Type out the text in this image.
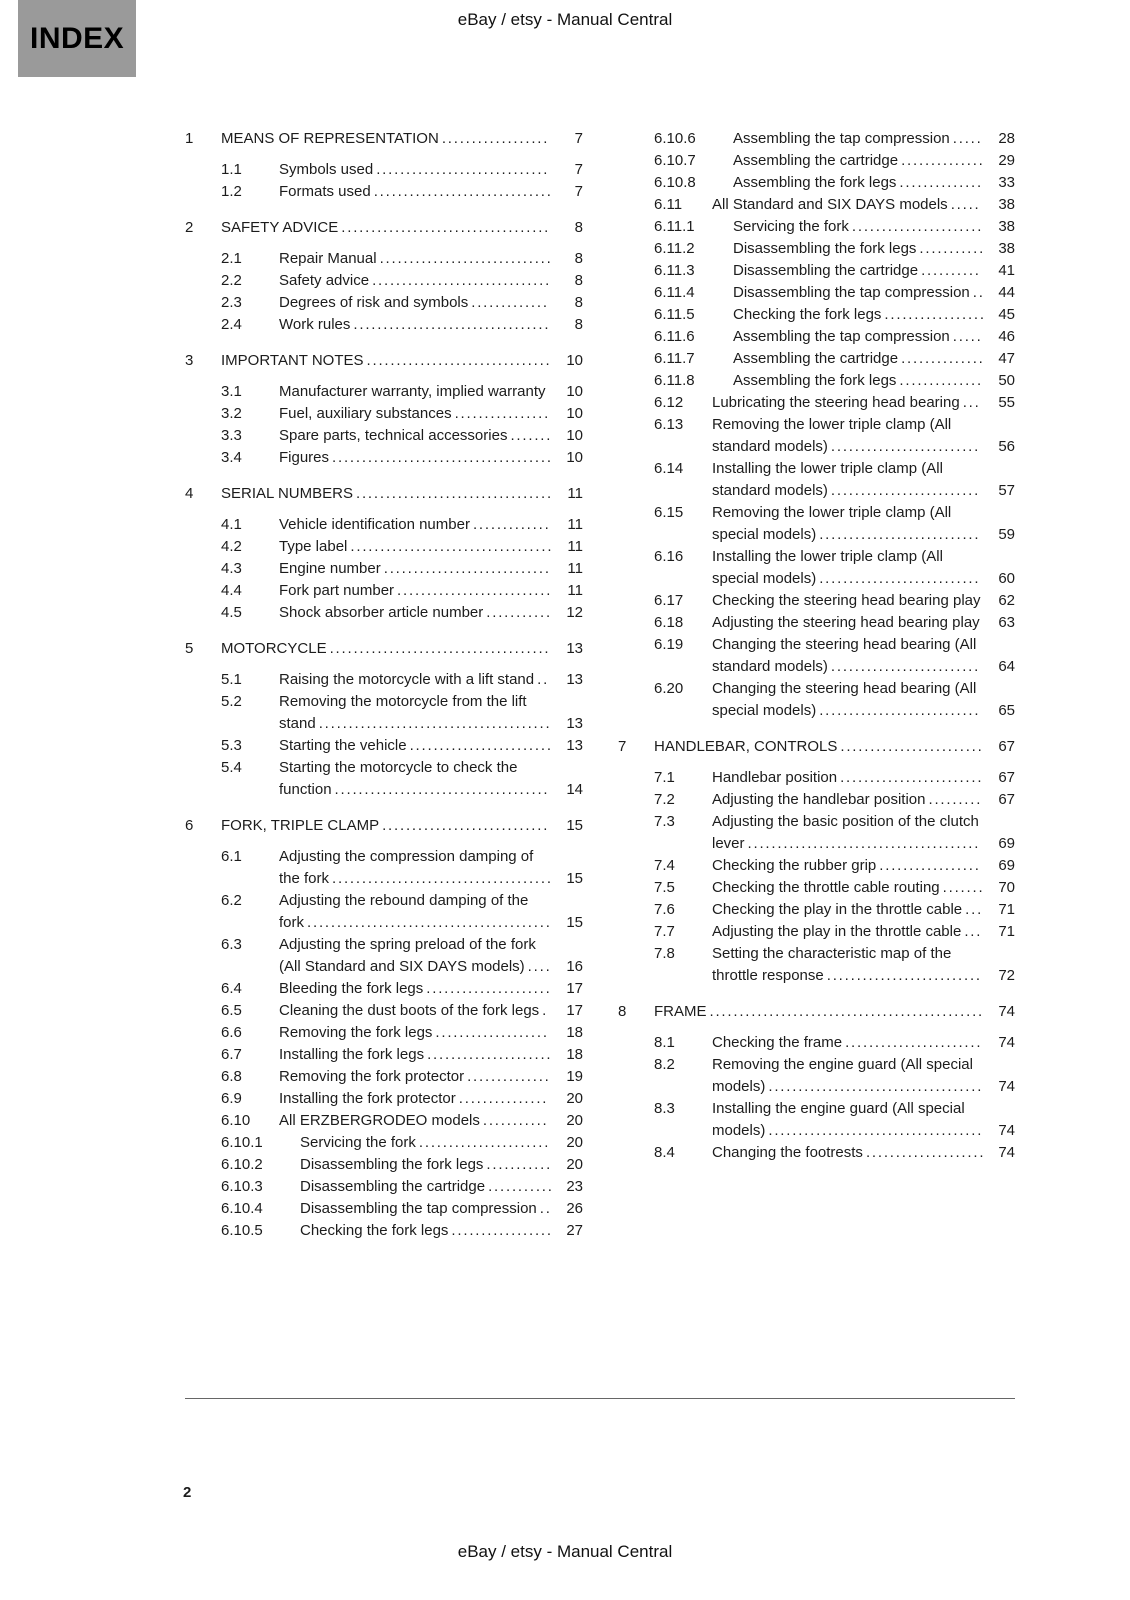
INDEX
eBay / etsy - Manual Central
1	MEANS OF REPRESENTATION ..................	7
1.1	Symbols used .............................	7
1.2	Formats used ..............................	7
2	SAFETY ADVICE ...................................	8
2.1	Repair Manual .............................	8
2.2	Safety advice ..............................	8
2.3	Degrees of risk and symbols .............	8
2.4	Work rules .................................	8
3	IMPORTANT NOTES ............................... 10
3.1	Manufacturer warranty, implied warranty	10
3.2	Fuel, auxiliary substances ................	10
3.3	Spare parts, technical accessories ....... 10
3.4	Figures ..................................... 10
4	SERIAL NUMBERS ................................. 11
4.1	Vehicle identification number .............	11
4.2	Type label .................................. 11
4.3	Engine number ............................	11
4.4	Fork part number ..........................	11
4.5	Shock absorber article number ........... 12
5	MOTORCYCLE .....................................	13
5.1	Raising the motorcycle with a lift stand ..	13
5.2	Removing the motorcycle from the lift stand ....................................... 13
5.3	Starting the vehicle ........................ 13
5.4	Starting the motorcycle to check the function ....................................	14
6	FORK, TRIPLE CLAMP ............................	15
6.1	Adjusting the compression damping of the fork ..................................... 15
6.2	Adjusting the rebound damping of the fork ......................................... 15
6.3	Adjusting the spring preload of the fork (All Standard and SIX DAYS models) .... 16
6.4	Bleeding the fork legs ..................... 17
6.5	Cleaning the dust boots of the fork legs .	17
6.6	Removing the fork legs ...................	18
6.7	Installing the fork legs ..................... 18
6.8	Removing the fork protector ..............	19
6.9	Installing the fork protector ...............	20
6.10	All ERZBERGRODEO models ...........	20
6.10.1	Servicing the fork ......................	20
6.10.2	Disassembling the fork legs ........... 20
6.10.3	Disassembling the cartridge ........... 23
6.10.4	Disassembling the tap compression .. 26
6.10.5	Checking the fork legs ................. 27
6.10.6	Assembling the tap compression .....	28
6.10.7	Assembling the cartridge .............. 29
6.10.8	Assembling the fork legs ..............	33
6.11	All Standard and SIX DAYS models .....	38
6.11.1	Servicing the fork ......................	38
6.11.2	Disassembling the fork legs ........... 38
6.11.3	Disassembling the cartridge ..........	41
6.11.4	Disassembling the tap compression .. 44
6.11.5	Checking the fork legs ................. 45
6.11.6	Assembling the tap compression .....	46
6.11.7	Assembling the cartridge .............. 47
6.11.8	Assembling the fork legs ..............	50
6.12	Lubricating the steering head bearing ...	55
6.13	Removing the lower triple clamp (All standard models) .........................	56
6.14	Installing the lower triple clamp (All standard models) .........................	57
6.15	Removing the lower triple clamp (All special models) ...........................	59
6.16	Installing the lower triple clamp (All special models) ...........................	60
6.17	Checking the steering head bearing play	62
6.18	Adjusting the steering head bearing play	63
6.19	Changing the steering head bearing (All standard models) .........................	64
6.20	Changing the steering head bearing (All special models) ...........................	65
7	HANDLEBAR, CONTROLS ........................ 67
7.1	Handlebar position ........................ 67
7.2	Adjusting the handlebar position .........	67
7.3	Adjusting the basic position of the clutch lever .......................................	69
7.4	Checking the rubber grip .................	69
7.5	Checking the throttle cable routing ....... 70
7.6	Checking the play in the throttle cable ...	71
7.7	Adjusting the play in the throttle cable ...	71
7.8	Setting the characteristic map of the throttle response ..........................	72
8	FRAME .............................................. 74
8.1	Checking the frame .......................	74
8.2	Removing the engine guard (All special models) ....................................	74
8.3	Installing the engine guard (All special models) ....................................	74
8.4	Changing the footrests .................... 74
2
eBay / etsy - Manual Central
